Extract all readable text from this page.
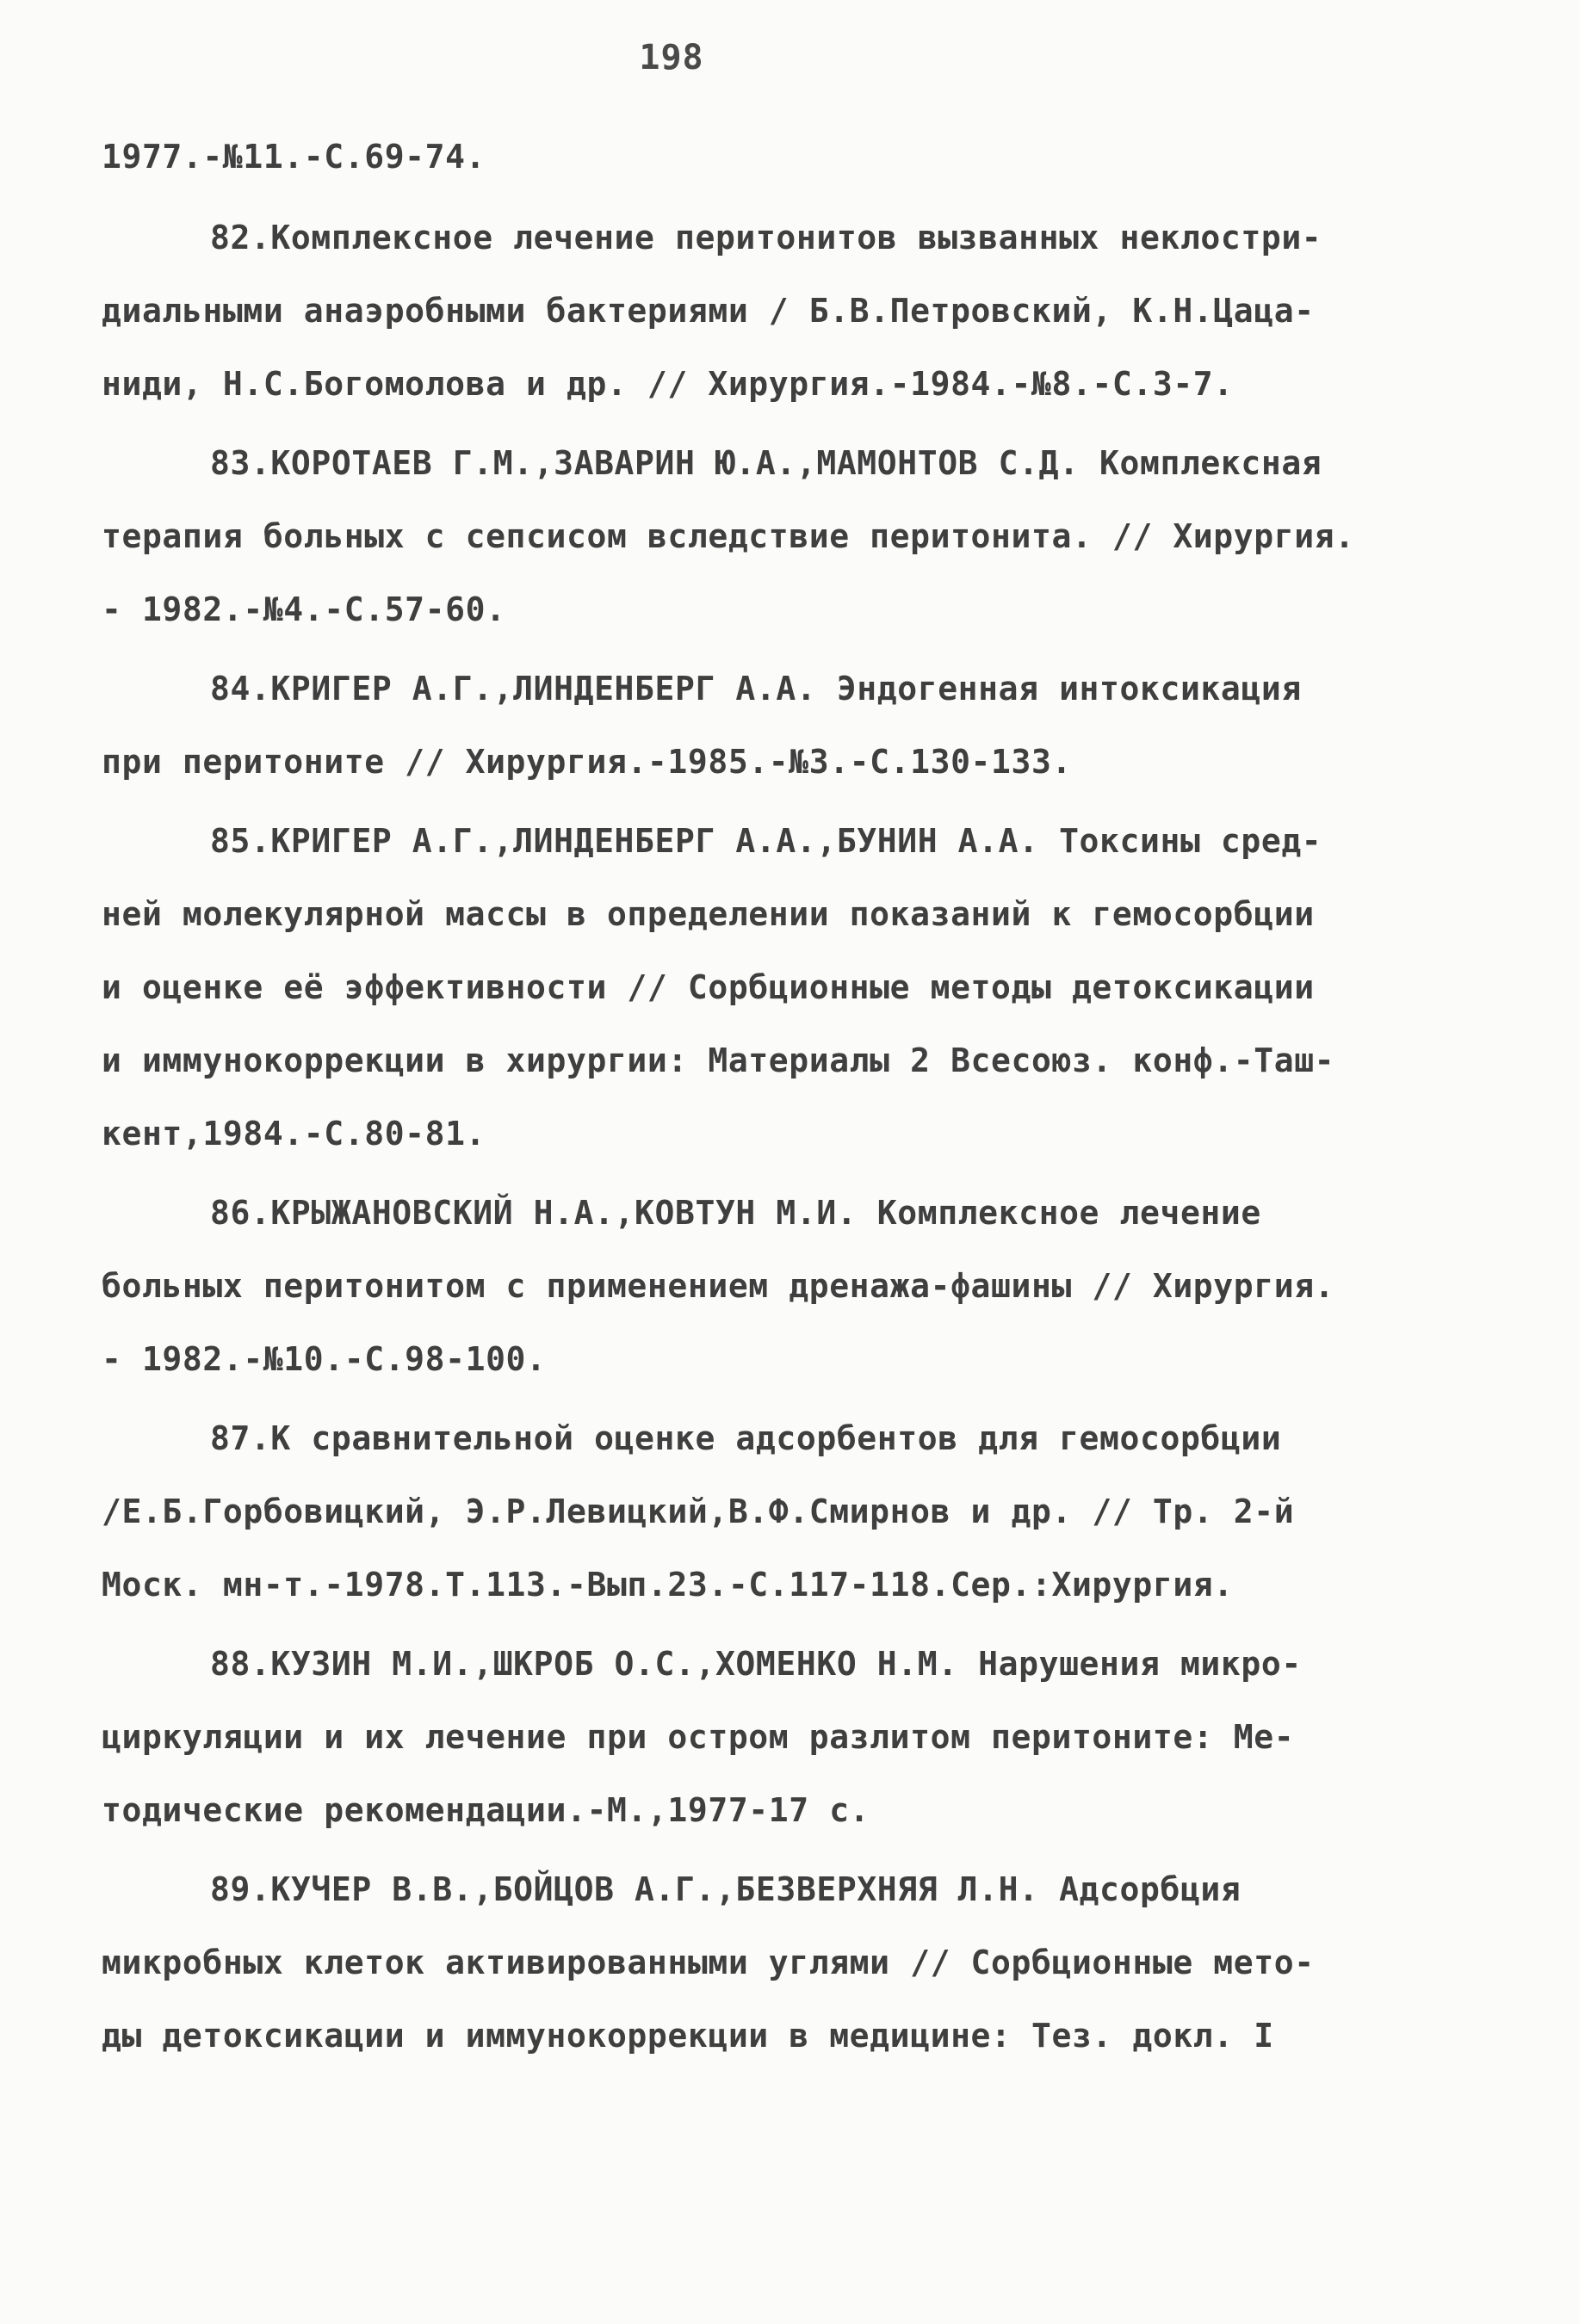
198
1977.-№11.-С.69-74.
82.Комплексное лечение перитонитов вызванных неклостри-
диальными анаэробными бактериями / Б.В.Петровский, К.Н.Цаца-
ниди, Н.С.Богомолова и др. // Хирургия.-1984.-№8.-С.3-7.
83.КОРОТАЕВ Г.М.,ЗАВАРИН Ю.А.,МАМОНТОВ С.Д. Комплексная
терапия больных с сепсисом вследствие перитонита. // Хирургия.
- 1982.-№4.-С.57-60.
84.КРИГЕР А.Г.,ЛИНДЕНБЕРГ А.А. Эндогенная интоксикация
при перитоните // Хирургия.-1985.-№3.-С.130-133.
85.КРИГЕР А.Г.,ЛИНДЕНБЕРГ А.А.,БУНИН А.А. Токсины сред-
ней молекулярной массы в определении показаний к гемосорбции
и оценке её эффективности // Сорбционные методы детоксикации
и иммунокоррекции в хирургии: Материалы 2 Всесоюз. конф.-Таш-
кент,1984.-С.80-81.
86.КРЫЖАНОВСКИЙ Н.А.,КОВТУН М.И. Комплексное лечение
больных перитонитом с применением дренажа-фашины // Хирургия.
- 1982.-№10.-С.98-100.
87.К сравнительной оценке адсорбентов для гемосорбции
/Е.Б.Горбовицкий, Э.Р.Левицкий,В.Ф.Смирнов и др. // Тр. 2-й
Моск. мн-т.-1978.Т.113.-Вып.23.-С.117-118.Сер.:Хирургия.
88.КУЗИН М.И.,ШКРОБ О.С.,ХОМЕНКО Н.М. Нарушения микро-
циркуляции и их лечение при остром разлитом перитоните: Ме-
тодические рекомендации.-М.,1977-17 с.
89.КУЧЕР В.В.,БОЙЦОВ А.Г.,БЕЗВЕРХНЯЯ Л.Н. Адсорбция
микробных клеток активированными углями // Сорбционные мето-
ды детоксикации и иммунокоррекции в медицине: Тез. докл. I
